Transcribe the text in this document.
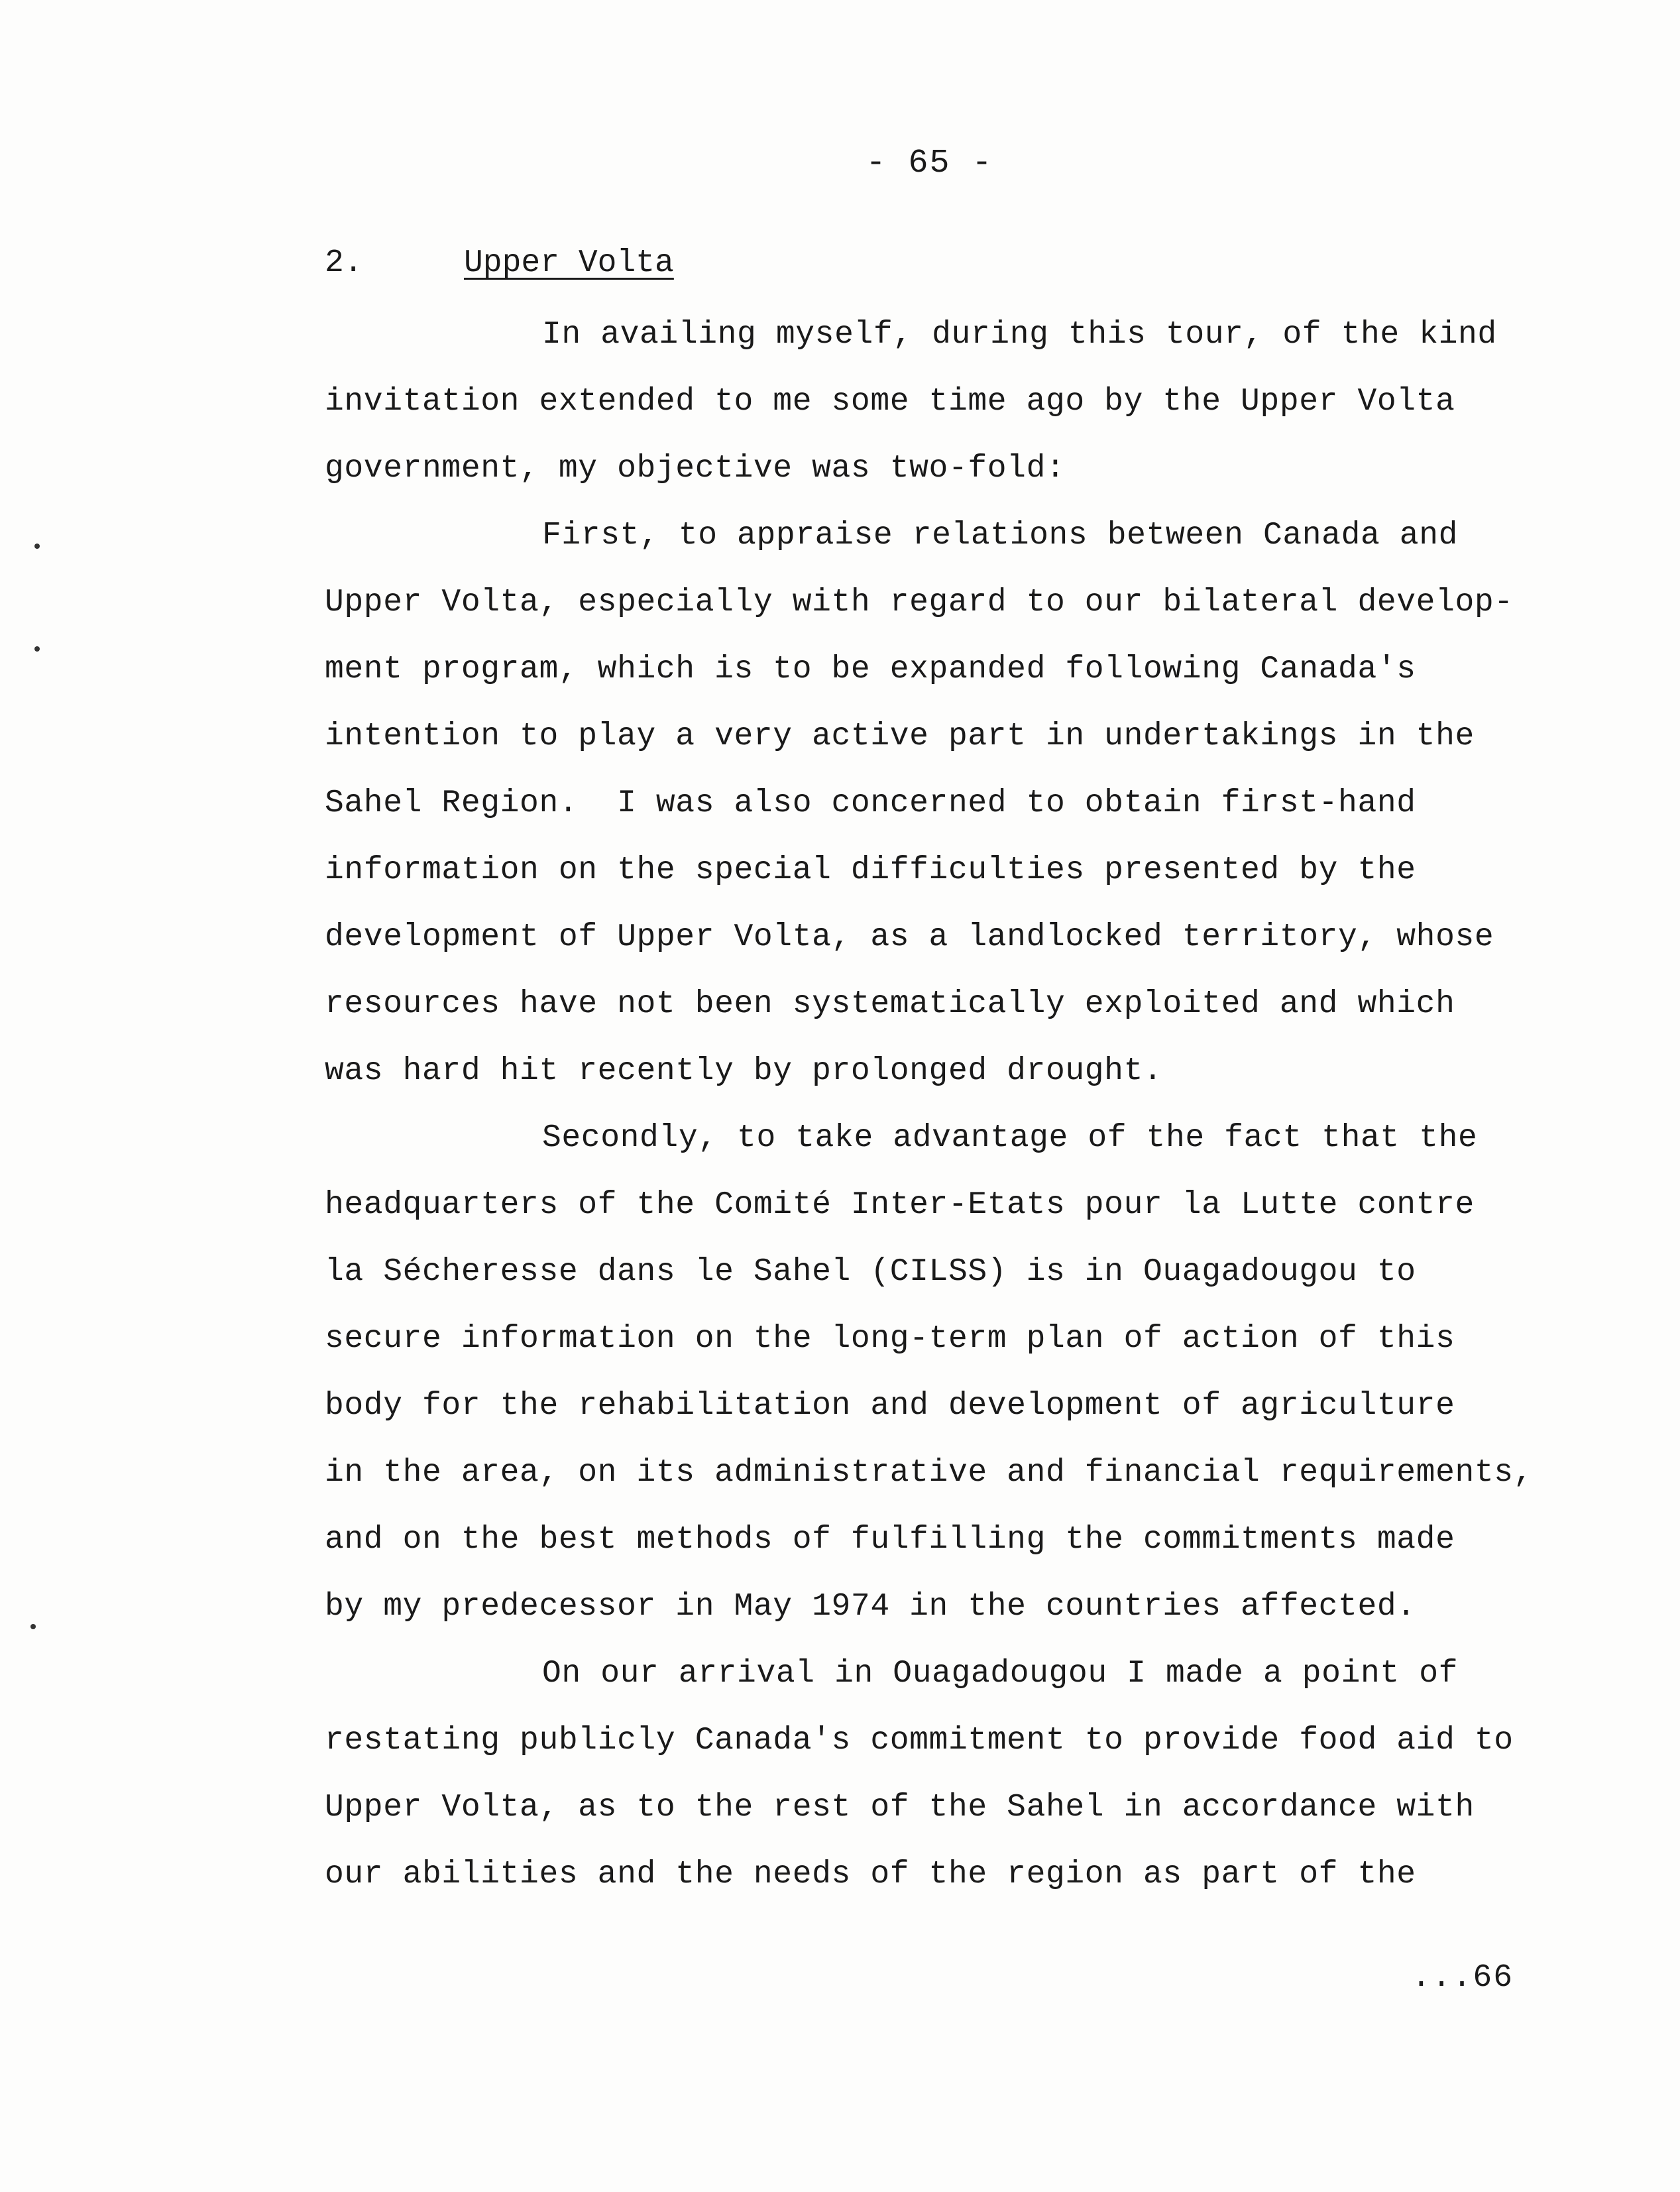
- 65 -
2.	Upper Volta
In availing myself, during this tour, of the kind
invitation extended to me some time ago by the Upper Volta
government, my objective was two-fold:
First, to appraise relations between Canada and
Upper Volta, especially with regard to our bilateral develop-
ment program, which is to be expanded following Canada's
intention to play a very active part in undertakings in the
Sahel Region.  I was also concerned to obtain first-hand
information on the special difficulties presented by the
development of Upper Volta, as a landlocked territory, whose
resources have not been systematically exploited and which
was hard hit recently by prolonged drought.
Secondly, to take advantage of the fact that the
headquarters of the Comité Inter-Etats pour la Lutte contre
la Sécheresse dans le Sahel (CILSS) is in Ouagadougou to
secure information on the long-term plan of action of this
body for the rehabilitation and development of agriculture
in the area, on its administrative and financial requirements,
and on the best methods of fulfilling the commitments made
by my predecessor in May 1974 in the countries affected.
On our arrival in Ouagadougou I made a point of
restating publicly Canada's commitment to provide food aid to
Upper Volta, as to the rest of the Sahel in accordance with
our abilities and the needs of the region as part of the
...66
